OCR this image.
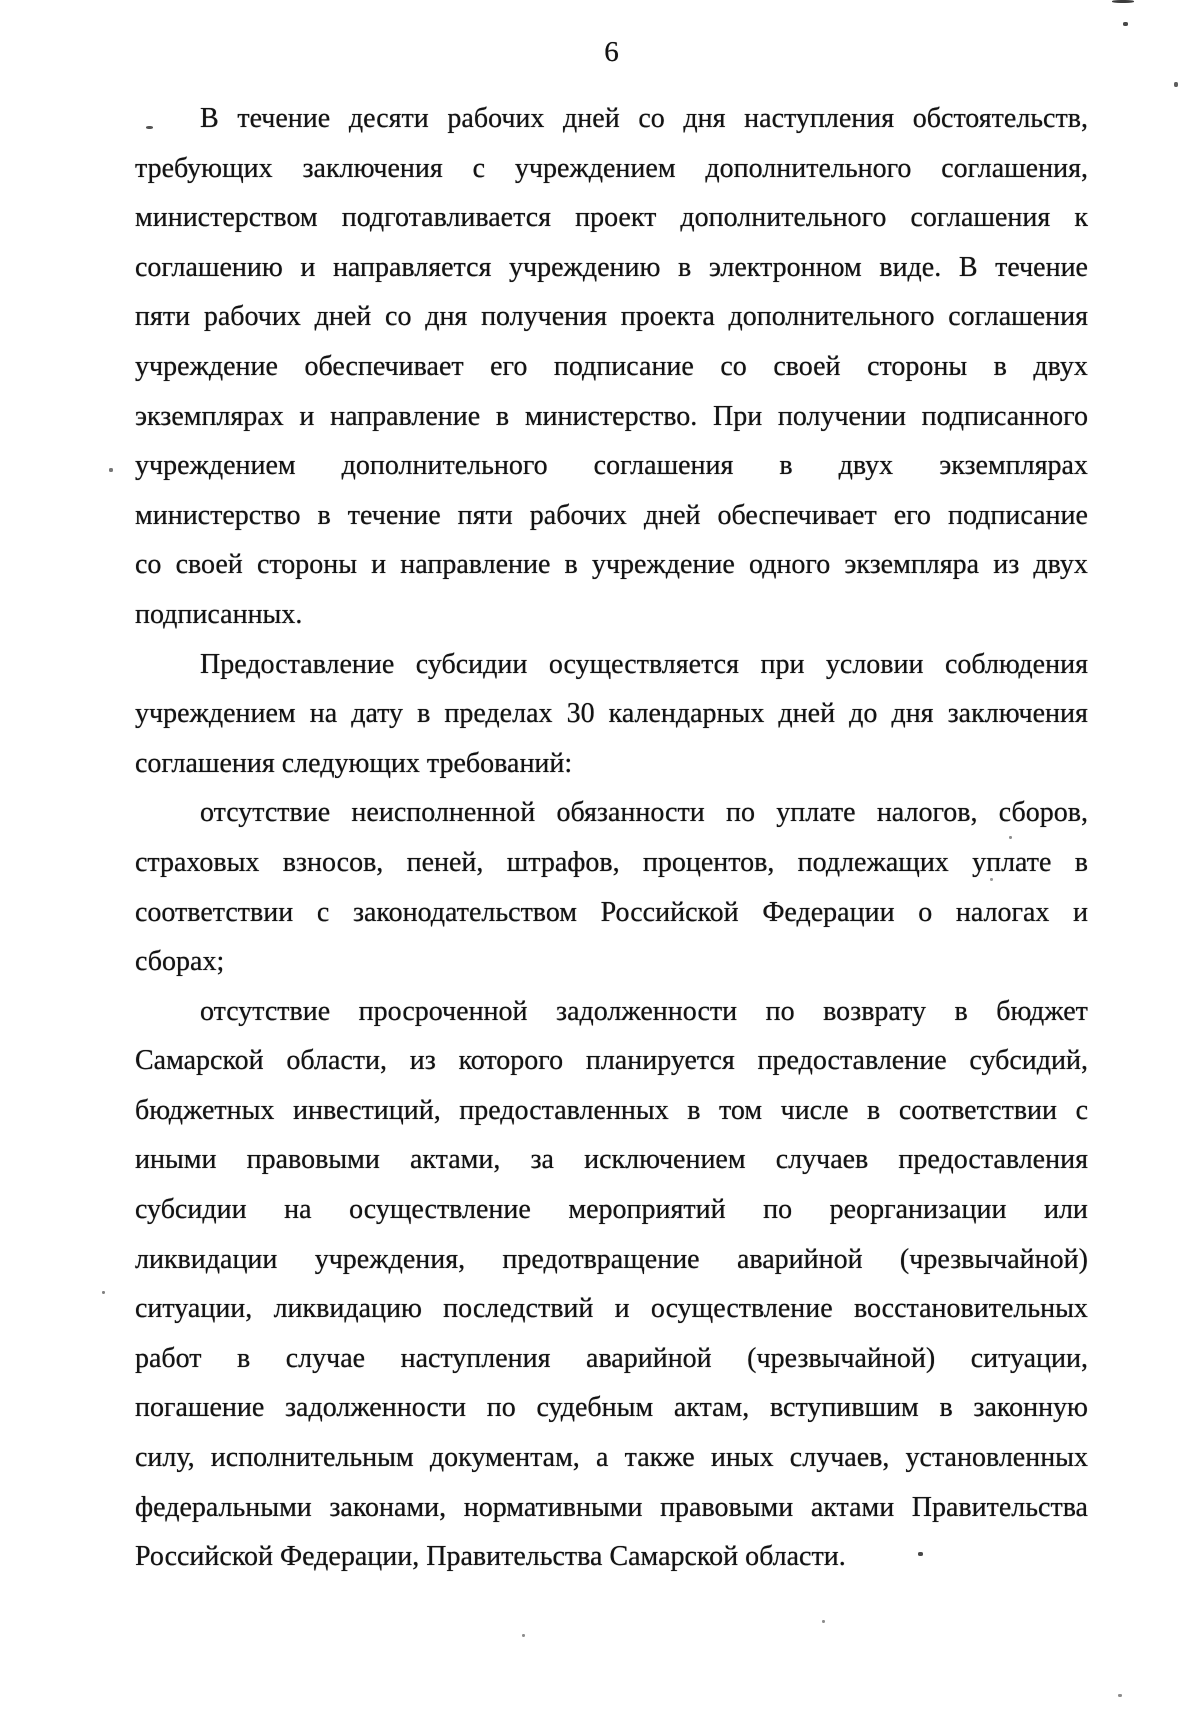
6
В течение десяти рабочих дней со дня наступления обстоятельств,
требующих заключения с учреждением дополнительного соглашения,
министерством подготавливается проект дополнительного соглашения к
соглашению и направляется учреждению в электронном виде. В течение
пяти рабочих дней со дня получения проекта дополнительного соглашения
учреждение обеспечивает его подписание со своей стороны в двух
экземплярах и направление в министерство. При получении подписанного
учреждением дополнительного соглашения в двух экземплярах
министерство в течение пяти рабочих дней обеспечивает его подписание
со своей стороны и направление в учреждение одного экземпляра из двух
подписанных.
Предоставление субсидии осуществляется при условии соблюдения
учреждением на дату в пределах 30 календарных дней до дня заключения
соглашения следующих требований:
отсутствие неисполненной обязанности по уплате налогов, сборов,
страховых взносов, пеней, штрафов, процентов, подлежащих уплате в
соответствии с законодательством Российской Федерации о налогах и
сборах;
отсутствие просроченной задолженности по возврату в бюджет
Самарской области, из которого планируется предоставление субсидий,
бюджетных инвестиций, предоставленных в том числе в соответствии с
иными правовыми актами, за исключением случаев предоставления
субсидии на осуществление мероприятий по реорганизации или
ликвидации учреждения, предотвращение аварийной (чрезвычайной)
ситуации, ликвидацию последствий и осуществление восстановительных
работ в случае наступления аварийной (чрезвычайной) ситуации,
погашение задолженности по судебным актам, вступившим в законную
силу, исполнительным документам, а также иных случаев, установленных
федеральными законами, нормативными правовыми актами Правительства
Российской Федерации, Правительства Самарской области.
